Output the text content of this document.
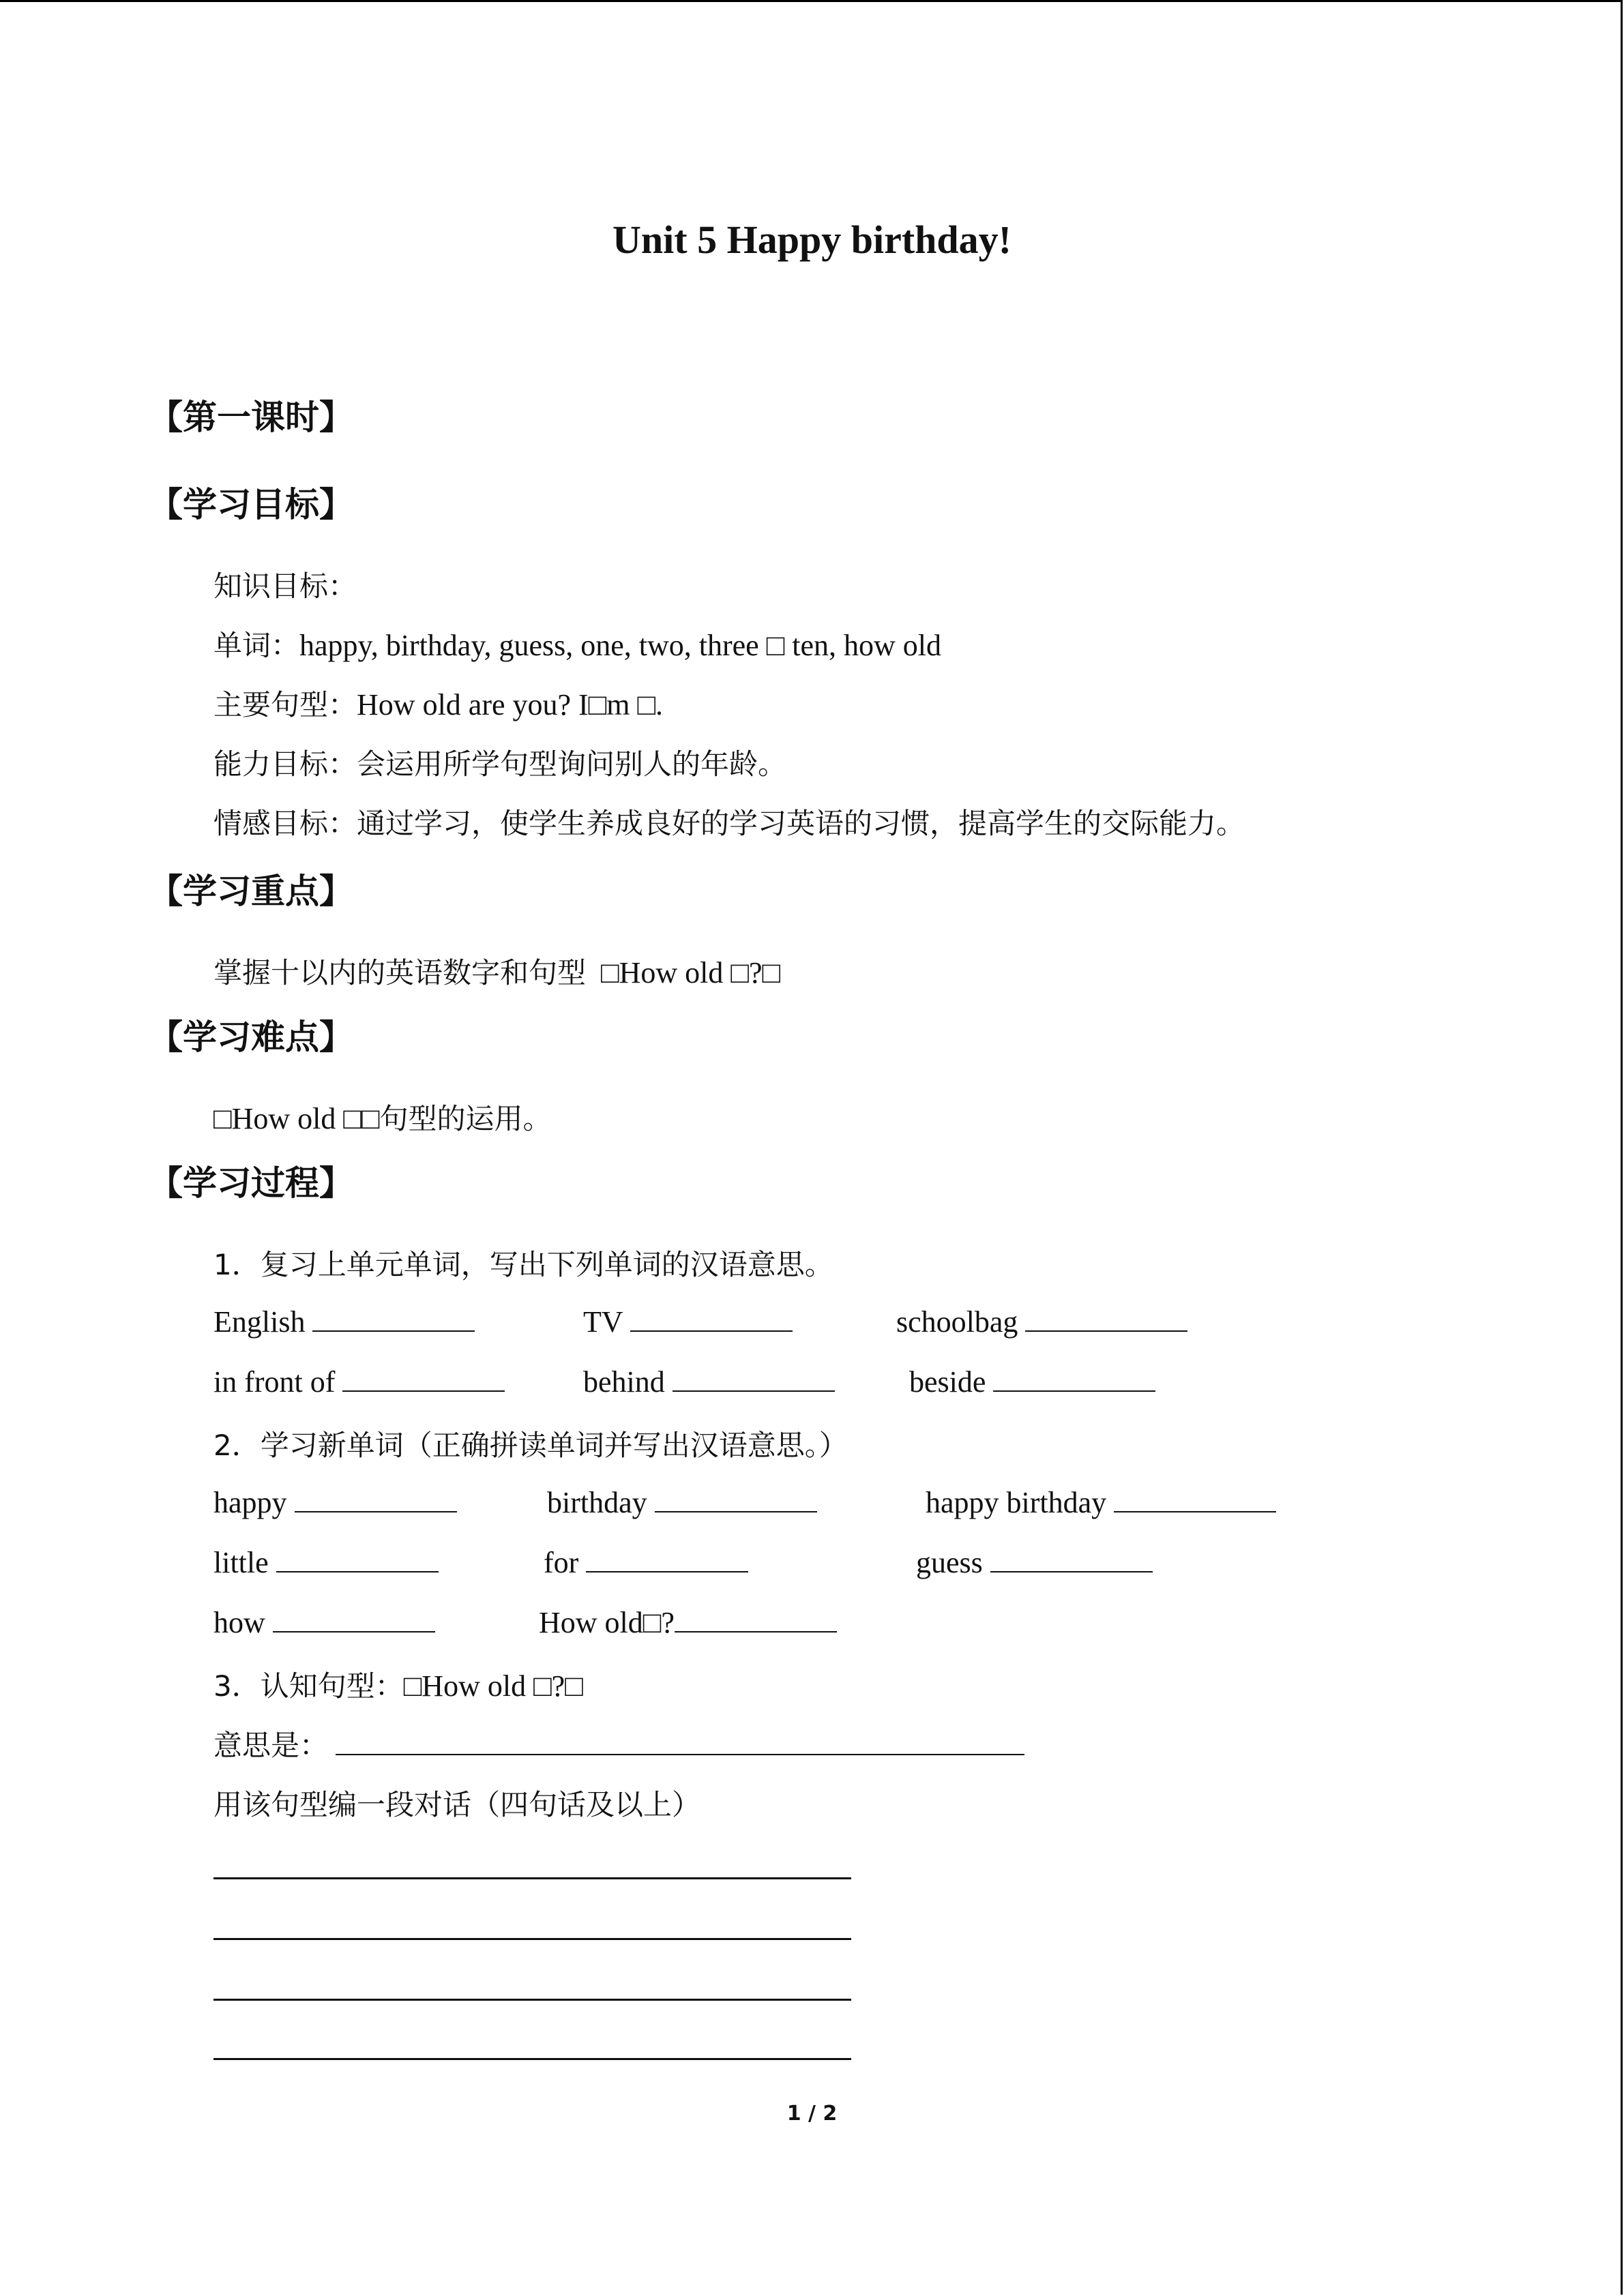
Unit 5 Happy birthday!
【第一课时】
【学习目标】
知识目标：
单词：happy, birthday, guess, one, two, three □ ten, how old
主要句型：How old are you? I□m □.
能力目标：会运用所学句型询问别人的年龄。
情感目标：通过学习，使学生养成良好的学习英语的习惯，提高学生的交际能力。
【学习重点】
掌握十以内的英语数字和句型 □How old □?□
【学习难点】
□How old □□句型的运用。
【学习过程】
1．复习上单元单词，写出下列单词的汉语意思。
English	TV	schoolbag
in front of	behind	beside
2．学习新单词（正确拼读单词并写出汉语意思。）
happy	birthday	happy birthday
little	for	guess
how	How old□?
3．认知句型：□How old □?□
意思是：
用该句型编一段对话（四句话及以上）
1 / 2
